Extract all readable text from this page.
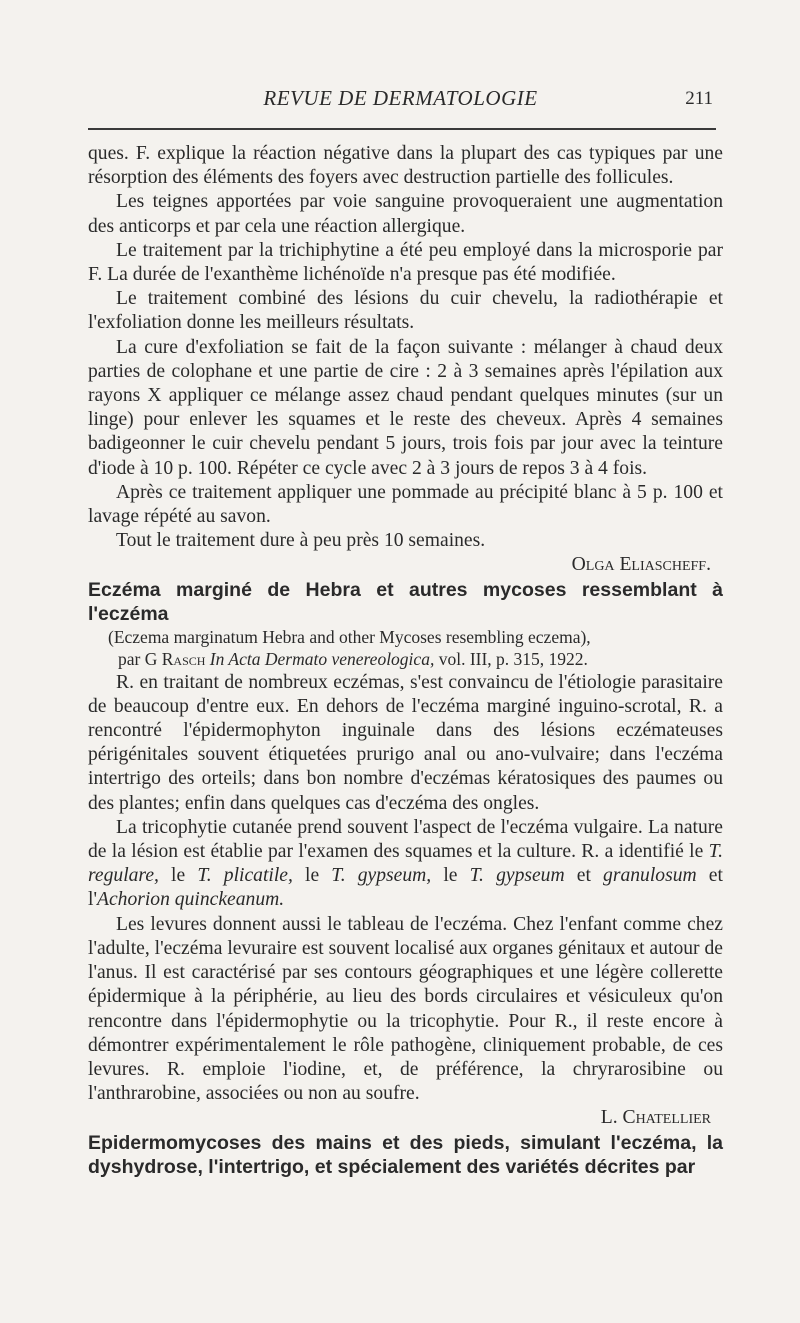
REVUE DE DERMATOLOGIE	211

ques. F. explique la réaction négative dans la plupart des cas typiques par une résorption des éléments des foyers avec destruction partielle des follicules.

Les teignes apportées par voie sanguine provoqueraient une augmentation des anticorps et par cela une réaction allergique.

Le traitement par la trichiphytine a été peu employé dans la microsporie par F. La durée de l'exanthème lichénoïde n'a presque pas été modifiée.

Le traitement combiné des lésions du cuir chevelu, la radiothérapie et l'exfoliation donne les meilleurs résultats.

La cure d'exfoliation se fait de la façon suivante : mélanger à chaud deux parties de colophane et une partie de cire : 2 à 3 semaines après l'épilation aux rayons X appliquer ce mélange assez chaud pendant quelques minutes (sur un linge) pour enlever les squames et le reste des cheveux. Après 4 semaines badigeonner le cuir chevelu pendant 5 jours, trois fois par jour avec la teinture d'iode à 10 p. 100. Répéter ce cycle avec 2 à 3 jours de repos 3 à 4 fois.

Après ce traitement appliquer une pommade au précipité blanc à 5 p. 100 et lavage répété au savon.

Tout le traitement dure à peu près 10 semaines.

Olga Eliascheff.

Eczéma marginé de Hebra et autres mycoses ressemblant à l'eczéma

(Eczema marginatum Hebra and other Mycoses resembling eczema),
par G Rasch In Acta Dermato venereologica, vol. III, p. 315, 1922.

R. en traitant de nombreux eczémas, s'est convaincu de l'étiologie parasitaire de beaucoup d'entre eux. En dehors de l'eczéma marginé inguino-scrotal, R. a rencontré l'épidermophyton inguinale dans des lésions eczémateuses périgénitales souvent étiquetées prurigo anal ou ano-vulvaire; dans l'eczéma intertrigo des orteils; dans bon nombre d'eczémas kératosiques des paumes ou des plantes; enfin dans quelques cas d'eczéma des ongles.

La tricophytie cutanée prend souvent l'aspect de l'eczéma vulgaire. La nature de la lésion est établie par l'examen des squames et la culture. R. a identifié le T. regulare, le T. plicatile, le T. gypseum, le T. gypseum et granulosum et l'Achorion quinckeanum.

Les levures donnent aussi le tableau de l'eczéma. Chez l'enfant comme chez l'adulte, l'eczéma levuraire est souvent localisé aux organes génitaux et autour de l'anus. Il est caractérisé par ses contours géographiques et une légère collerette épidermique à la périphérie, au lieu des bords circulaires et vésiculeux qu'on rencontre dans l'épidermophytie ou la tricophytie. Pour R., il reste encore à démontrer expérimentalement le rôle pathogène, cliniquement probable, de ces levures. R. emploie l'iodine, et, de préférence, la chryrarosibine ou l'anthrarobine, associées ou non au soufre.

L. Chatellier

Epidermomycoses des mains et des pieds, simulant l'eczéma, la dyshydrose, l'intertrigo, et spécialement des variétés décrites par
